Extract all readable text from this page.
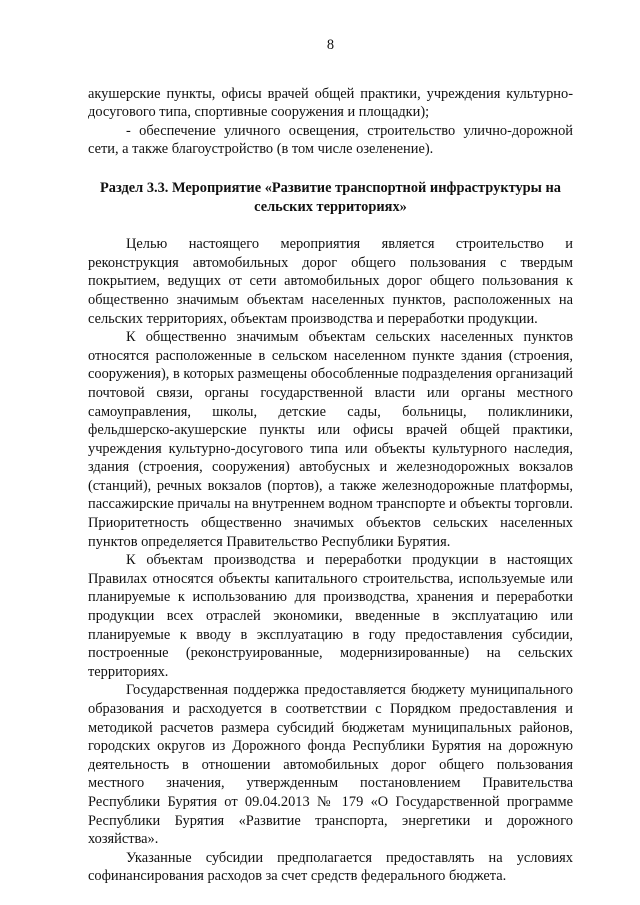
8

акушерские пункты, офисы врачей общей практики, учреждения культурно-досугового типа, спортивные сооружения и площадки);

- обеспечение уличного освещения, строительство улично-дорожной сети, а также благоустройство (в том числе озеленение).

Раздел 3.3. Мероприятие «Развитие транспортной инфраструктуры на сельских территориях»

Целью настоящего мероприятия является строительство и реконструкция автомобильных дорог общего пользования с твердым покрытием, ведущих от сети автомобильных дорог общего пользования к общественно значимым объектам населенных пунктов, расположенных на сельских территориях, объектам производства и переработки продукции.

К общественно значимым объектам сельских населенных пунктов относятся расположенные в сельском населенном пункте здания (строения, сооружения), в которых размещены обособленные подразделения организаций почтовой связи, органы государственной власти или органы местного самоуправления, школы, детские сады, больницы, поликлиники, фельдшерско-акушерские пункты или офисы врачей общей практики, учреждения культурно-досугового типа или объекты культурного наследия, здания (строения, сооружения) автобусных и железнодорожных вокзалов (станций), речных вокзалов (портов), а также железнодорожные платформы, пассажирские причалы на внутреннем водном транспорте и объекты торговли. Приоритетность общественно значимых объектов сельских населенных пунктов определяется Правительство Республики Бурятия.

К объектам производства и переработки продукции в настоящих Правилах относятся объекты капитального строительства, используемые или планируемые к использованию для производства, хранения и переработки продукции всех отраслей экономики, введенные в эксплуатацию или планируемые к вводу в эксплуатацию в году предоставления субсидии, построенные (реконструированные, модернизированные) на сельских территориях.

Государственная поддержка предоставляется бюджету муниципального образования и расходуется в соответствии с Порядком предоставления и методикой расчетов размера субсидий бюджетам муниципальных районов, городских округов из Дорожного фонда Республики Бурятия на дорожную деятельность в отношении автомобильных дорог общего пользования местного значения, утвержденным постановлением Правительства Республики Бурятия от 09.04.2013 № 179 «О Государственной программе Республики Бурятия «Развитие транспорта, энергетики и дорожного хозяйства».

Указанные субсидии предполагается предоставлять на условиях софинансирования расходов за счет средств федерального бюджета.
